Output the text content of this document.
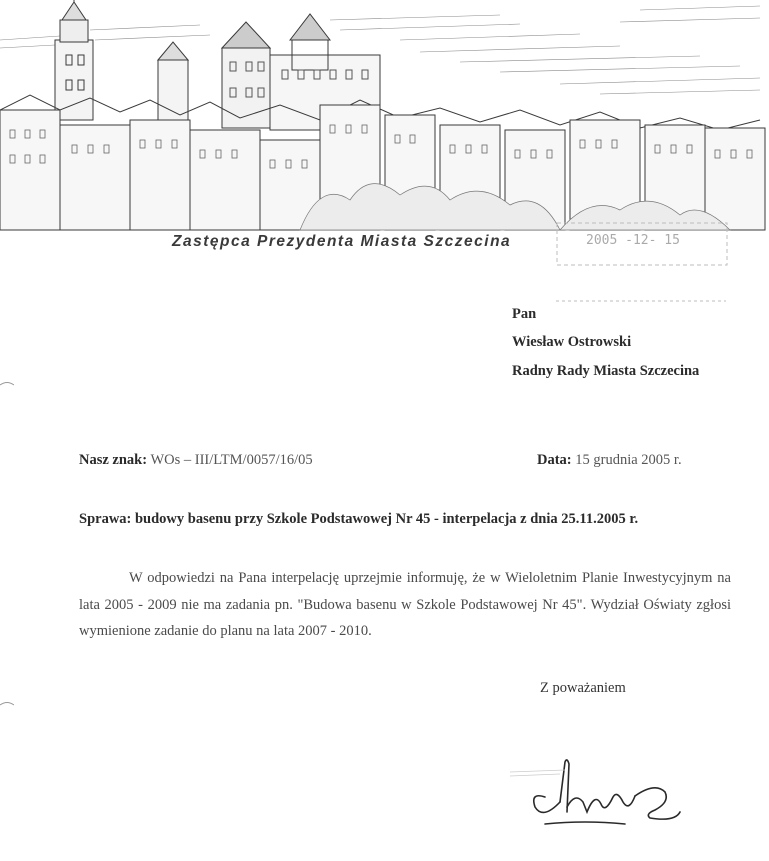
Zastępca Prezydenta Miasta Szczecina	2005 -12- 15
Pan
Wiesław Ostrowski
Radny Rady Miasta Szczecina
Nasz znak: WOs – III/LTM/0057/16/05	Data: 15 grudnia 2005 r.
Sprawa: budowy basenu przy Szkole Podstawowej Nr 45 - interpelacja z dnia 25.11.2005 r.
W odpowiedzi na Pana interpelację uprzejmie informuję, że w Wieloletnim Planie Inwestycyjnym na lata 2005 - 2009 nie ma zadania pn. "Budowa basenu w Szkole Podstawowej Nr 45". Wydział Oświaty zgłosi wymienione zadanie do planu na lata 2007 - 2010.
Z poważaniem
